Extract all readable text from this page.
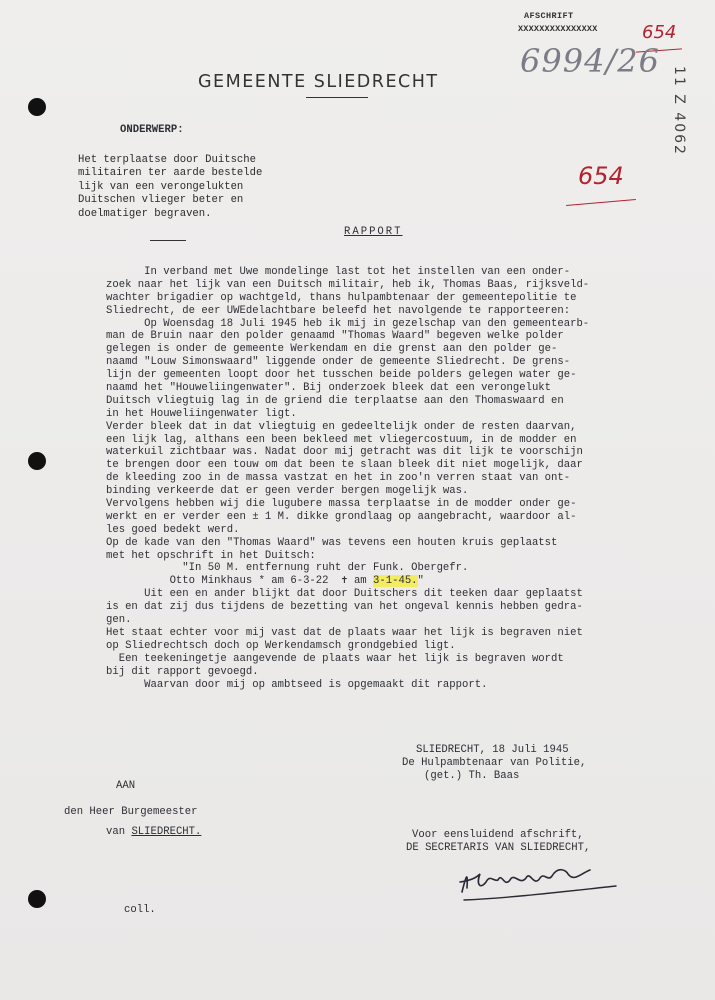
AFSCHRIFT
XXXXXXXXXXXXXXX 654
654
6994/26
11 Z 4062
GEMEENTE SLIEDRECHT
ONDERWERP:
Het terplaatse door Duitsche
militairen ter aarde bestelde
lijk van een verongelukten
Duitschen vlieger beter en
doelmatiger begraven.
RAPPORT
In verband met Uwe mondelinge last tot het instellen van een onder-
zoek naar het lijk van een Duitsch militair, heb ik, Thomas Baas, rijksveld-
wachter brigadier op wachtgeld, thans hulpambtenaar der gemeentepolitie te
Sliedrecht, de eer UWEdelachtbare beleefd het navolgende te rapporteeren:
Op Woensdag 18 Juli 1945 heb ik mij in gezelschap van den gemeentearb-
man de Bruin naar den polder genaamd "Thomas Waard" begeven welke polder
gelegen is onder de gemeente Werkendam en die grenst aan den polder ge-
naamd "Louw Simonswaard" liggende onder de gemeente Sliedrecht. De grens-
lijn der gemeenten loopt door het tusschen beide polders gelegen water ge-
naamd het "Houweliingenwater". Bij onderzoek bleek dat een verongelukt
Duitsch vliegtuig lag in de griend die terplaatse aan den Thomaswaard en
in het Houweliingenwater ligt.
Verder bleek dat in dat vliegtuig en gedeeltelijk onder de resten daarvan,
een lijk lag, althans een been bekleed met vliegercostuum, in de modder en
waterkuil zichtbaar was. Nadat door mij getracht was dit lijk te voorschijn
te brengen door een touw om dat been te slaan bleek dit niet mogelijk, daar
de kleeding zoo in de massa vastzat en het in zoo'n verren staat van ont-
binding verkeerde dat er geen verder bergen mogelijk was.
Vervolgens hebben wij die lugubere massa terplaatse in de modder onder ge-
werkt en er verder een ± 1 M. dikke grondlaag op aangebracht, waardoor al-
les goed bedekt werd.
Op de kade van den "Thomas Waard" was tevens een houten kruis geplaatst
met het opschrift in het Duitsch:
"In 50 M. entfernung ruht der Funk. Obergefr.
Otto Minkhaus * am 6-3-22  ✝ am 3-1-45."
Uit een en ander blijkt dat door Duitschers dit teeken daar geplaatst
is en dat zij dus tijdens de bezetting van het ongeval kennis hebben gedra-
gen.
Het staat echter voor mij vast dat de plaats waar het lijk is begraven niet
op Sliedrechtsch doch op Werkendamsch grondgebied ligt.
Een teekeningetje aangevende de plaats waar het lijk is begraven wordt
bij dit rapport gevoegd.
Waarvan door mij op ambtseed is opgemaakt dit rapport.
SLIEDRECHT, 18 Juli 1945
De Hulpambtenaar van Politie,
(get.) Th. Baas
AAN
den Heer Burgemeester
van SLIEDRECHT.	Voor eensluidend afschrift,
DE SECRETARIS VAN SLIEDRECHT,
coll.
